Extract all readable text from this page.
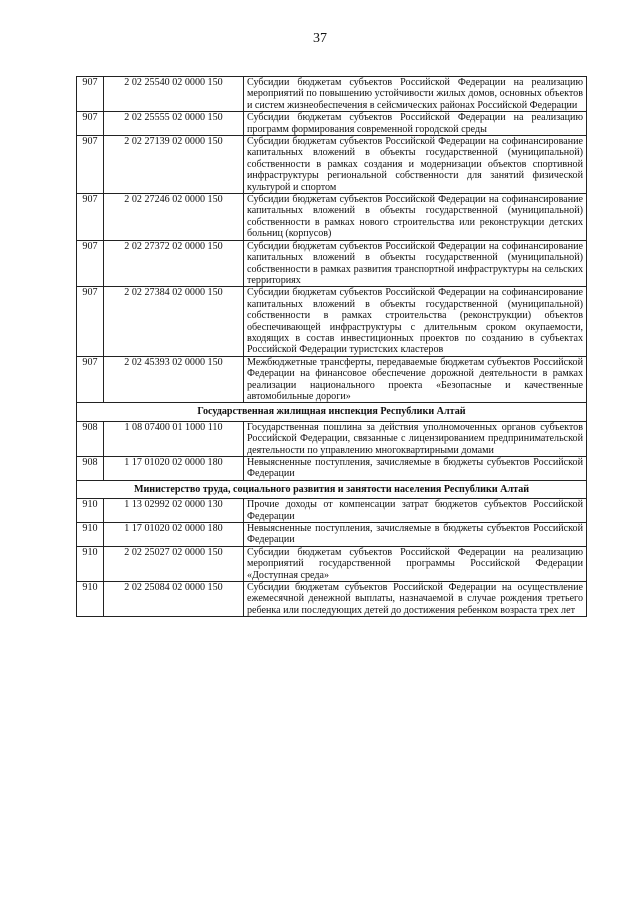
37
907	2 02 25540 02 0000 150	Субсидии бюджетам субъектов Российской Федерации на реализацию мероприятий по повышению устойчивости жилых домов, основных объектов и систем жизнеобеспечения в сейсмических районах Российской Федерации
907	2 02 25555 02 0000 150	Субсидии бюджетам субъектов Российской Федерации на реализацию программ формирования современной городской среды
907	2 02 27139 02 0000 150	Субсидии бюджетам субъектов Российской Федерации на софинансирование капитальных вложений в объекты государственной (муниципальной) собственности в рамках создания и модернизации объектов спортивной инфраструктуры региональной собственности для занятий физической культурой и спортом
907	2 02 27246 02 0000 150	Субсидии бюджетам субъектов Российской Федерации на софинансирование капитальных вложений в объекты государственной (муниципальной) собственности в рамках нового строительства или реконструкции детских больниц (корпусов)
907	2 02 27372 02 0000 150	Субсидии бюджетам субъектов Российской Федерации на софинансирование капитальных вложений в объекты государственной (муниципальной) собственности в рамках развития транспортной инфраструктуры на сельских территориях
907	2 02 27384 02 0000 150	Субсидии бюджетам субъектов Российской Федерации на софинансирование капитальных вложений в объекты государственной (муниципальной) собственности в рамках строительства (реконструкции) объектов обеспечивающей инфраструктуры с длительным сроком окупаемости, входящих в состав инвестиционных проектов по созданию в субъектах Российской Федерации туристских кластеров
907	2 02 45393 02 0000 150	Межбюджетные трансферты, передаваемые бюджетам субъектов Российской Федерации на финансовое обеспечение дорожной деятельности в рамках реализации национального проекта «Безопасные и качественные автомобильные дороги»
Государственная жилищная инспекция Республики Алтай		
908	1 08 07400 01 1000 110	Государственная пошлина за действия уполномоченных органов субъектов Российской Федерации, связанные с лицензированием предпринимательской деятельности по управлению многоквартирными домами
908	1 17 01020 02 0000 180	Невыясненные поступления, зачисляемые в бюджеты субъектов Российской Федерации
Министерство труда, социального развития и занятости населения Республики Алтай		
910	1 13 02992 02 0000 130	Прочие доходы от компенсации затрат бюджетов субъектов Российской Федерации
910	1 17 01020 02 0000 180	Невыясненные поступления, зачисляемые в бюджеты субъектов Российской Федерации
910	2 02 25027 02 0000 150	Субсидии бюджетам субъектов Российской Федерации на реализацию мероприятий государственной программы Российской Федерации «Доступная среда»
910	2 02 25084 02 0000 150	Субсидии бюджетам субъектов Российской Федерации на осуществление ежемесячной денежной выплаты, назначаемой в случае рождения третьего ребенка или последующих детей до достижения ребенком возраста трех лет
